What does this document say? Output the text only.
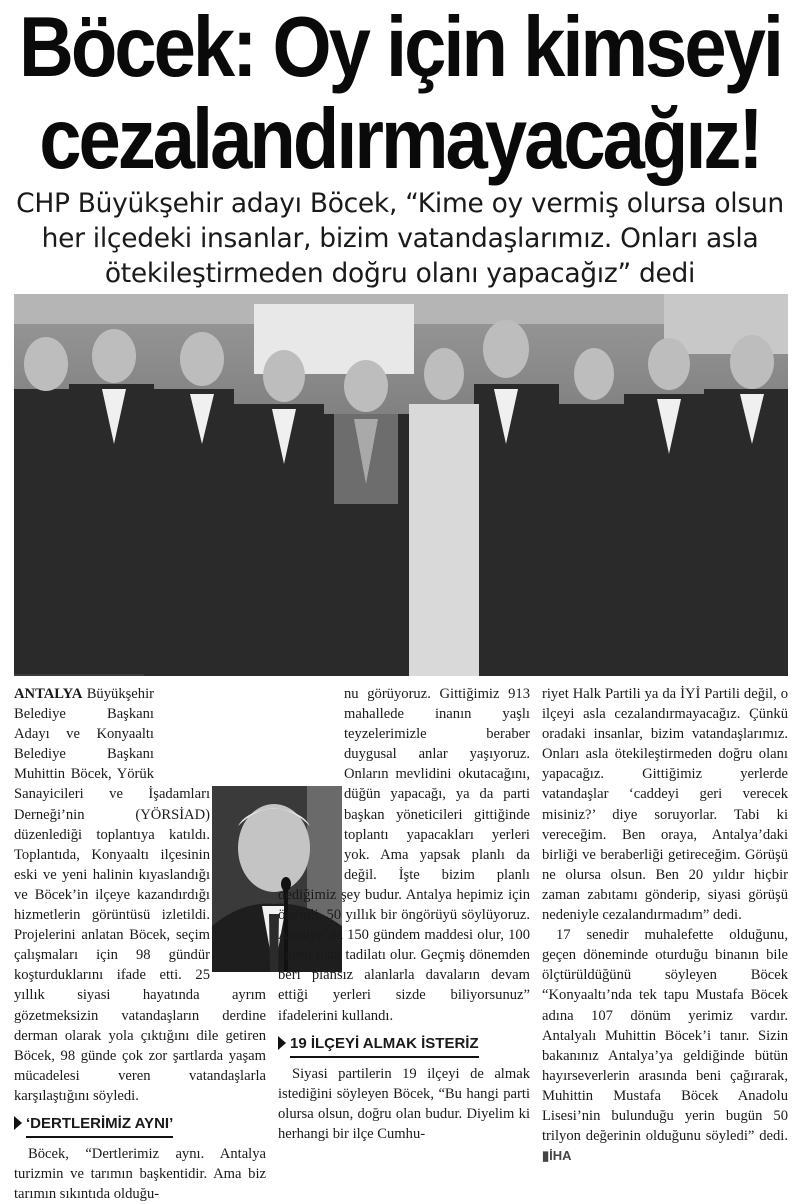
Böcek: Oy için kimseyi
cezalandırmayacağız!
CHP Büyükşehir adayı Böcek, “Kime oy vermiş olursa olsun
her ilçedeki insanlar, bizim vatandaşlarımız. Onları asla
ötekileştirmeden doğru olanı yapacağız” dedi

ANTALYA Büyükşehir Belediye Başkanı Adayı ve Konyaaltı Belediye Başkanı Muhittin Böcek, Yörük Sanayicileri ve İşadamları Derneği’nin (YÖRSİAD) düzenlediği toplantıya katıldı. Toplantıda, Konyaaltı ilçesinin eski ve yeni halinin kıyaslandığı ve Böcek’in ilçeye kazandırdığı hizmetlerin görüntüsü izletildi. Projelerini anlatan Böcek, seçim çalışmaları için 98 gündür koşturduklarını ifade etti. 25 yıllık siyasi hayatında ayrım gözetmeksizin vatandaşların derdine derman olarak yola çıktığını dile getiren Böcek, 98 günde çok zor şartlarda yaşam mücadelesi veren vatandaşlarla karşılaştığını söyledi.

‘DERTLERİMİZ AYNI’

Böcek, “Dertlerimiz aynı. Antalya turizmin ve tarımın başkentidir. Ama biz tarımın sıkıntıda olduğu-

nu görüyoruz. Gittiğimiz 913 mahallede inanın yaşlı teyzelerimizle beraber duygusal anlar yaşıyoruz. Onların mevlidini okutacağını, düğün yapacağı, ya da parti başkan yöneticileri gittiğinde toplantı yapacakları yerleri yok. Ama yapsak planlı da değil. İşte bizim planlı dediğimiz şey budur. Antalya hepimiz için önemli. 50 yıllık bir öngörüyü söylüyoruz. Antalya’da 150 gündem maddesi olur, 100 tanesi plan tadilatı olur. Geçmiş dönemden beri plansız alanlarla davaların devam ettiği yerleri sizde biliyorsunuz” ifadelerini kullandı.

19 İLÇEYİ ALMAK İSTERİZ

Siyasi partilerin 19 ilçeyi de almak istediğini söyleyen Böcek, “Bu hangi parti olursa olsun, doğru olan budur. Diyelim ki herhangi bir ilçe Cumhu-

riyet Halk Partili ya da İYİ Partili değil, o ilçeyi asla cezalandırmayacağız. Çünkü oradaki insanlar, bizim vatandaşlarımız. Onları asla ötekileştirmeden doğru olanı yapacağız. Gittiğimiz yerlerde vatandaşlar ‘caddeyi geri verecek misiniz?’ diye soruyorlar. Tabi ki vereceğim. Ben oraya, Antalya’daki birliği ve beraberliği getireceğim. Görüşü ne olursa olsun. Ben 20 yıldır hiçbir zaman zabıtamı gönderip, siyasi görüşü nedeniyle cezalandırmadım” dedi.

17 senedir muhalefette olduğunu, geçen döneminde oturduğu binanın bile ölçtürüldüğünü söyleyen Böcek “Konyaaltı’nda tek tapu Mustafa Böcek adına 107 dönüm yerimiz vardır. Antalyalı Muhittin Böcek’i tanır. Sizin bakanınız Antalya’ya geldiğinde bütün hayırseverlerin arasında beni çağırarak, Muhittin Mustafa Böcek Anadolu Lisesi’nin bulunduğu yerin bugün 50 trilyon değerinin olduğunu söyledi” dedi. ▮İHA
